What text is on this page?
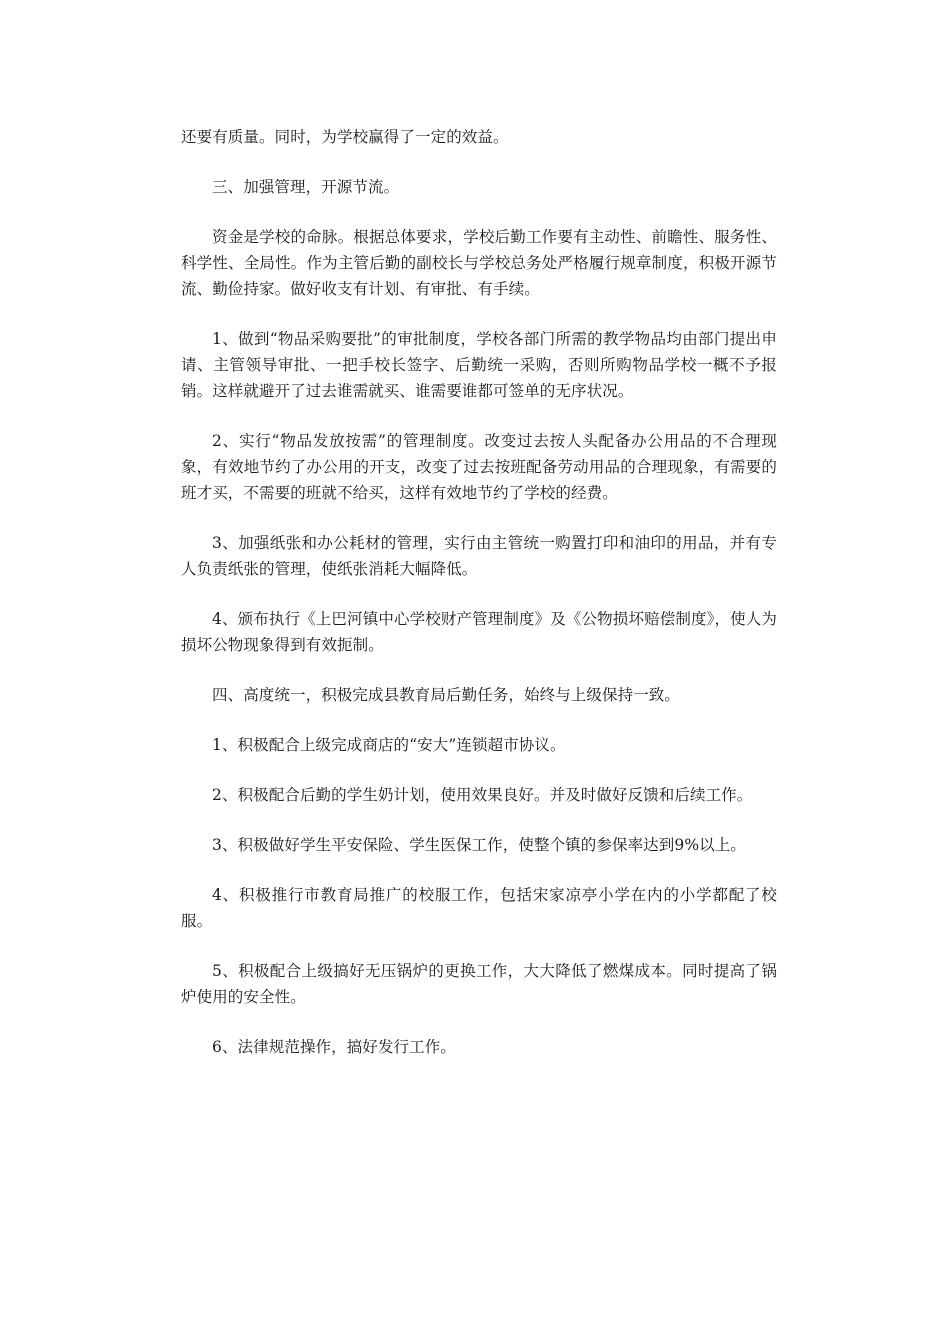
还要有质量。同时，为学校赢得了一定的效益。

三、加强管理，开源节流。

资金是学校的命脉。根据总体要求，学校后勤工作要有主动性、前瞻性、服务性、科学性、全局性。作为主管后勤的副校长与学校总务处严格履行规章制度，积极开源节流、勤俭持家。做好收支有计划、有审批、有手续。

1、做到“物品采购要批”的审批制度，学校各部门所需的教学物品均由部门提出申请、主管领导审批、一把手校长签字、后勤统一采购，否则所购物品学校一概不予报销。这样就避开了过去谁需就买、谁需要谁都可签单的无序状况。

2、实行“物品发放按需”的管理制度。改变过去按人头配备办公用品的不合理现象，有效地节约了办公用的开支，改变了过去按班配备劳动用品的合理现象，有需要的班才买，不需要的班就不给买，这样有效地节约了学校的经费。

3、加强纸张和办公耗材的管理，实行由主管统一购置打印和油印的用品，并有专人负责纸张的管理，使纸张消耗大幅降低。

4、颁布执行《上巴河镇中心学校财产管理制度》及《公物损坏赔偿制度》，使人为损坏公物现象得到有效扼制。

四、高度统一，积极完成县教育局后勤任务，始终与上级保持一致。

1、积极配合上级完成商店的“安大”连锁超市协议。

2、积极配合后勤的学生奶计划，使用效果良好。并及时做好反馈和后续工作。

3、积极做好学生平安保险、学生医保工作，使整个镇的参保率达到9%以上。

4、积极推行市教育局推广的校服工作，包括宋家凉亭小学在内的小学都配了校服。

5、积极配合上级搞好无压锅炉的更换工作，大大降低了燃煤成本。同时提高了锅炉使用的安全性。

6、法律规范操作，搞好发行工作。
